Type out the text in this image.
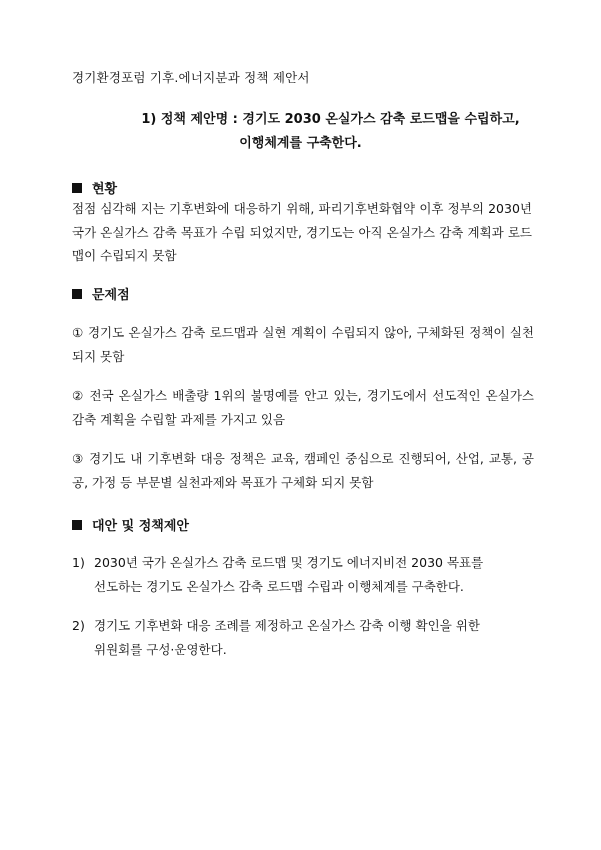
경기환경포럼 기후.에너지분과 정책 제안서
1) 정책 제안명 : 경기도 2030 온실가스 감축 로드맵을 수립하고,
이행체계를 구축한다.
현황
점점 심각해 지는 기후변화에 대응하기 위해, 파리기후변화협약 이후 정부의 2030년 국가 온실가스 감축 목표가 수립 되었지만, 경기도는 아직 온실가스 감축 계획과 로드맵이 수립되지 못함
문제점
① 경기도 온실가스 감축 로드맵과 실현 계획이 수립되지 않아, 구체화된 정책이 실천되지 못함
② 전국 온실가스 배출량 1위의 불명예를 안고 있는, 경기도에서 선도적인 온실가스 감축 계획을 수립할 과제를 가지고 있음
③ 경기도 내 기후변화 대응 정책은 교육, 캠페인 중심으로 진행되어, 산업, 교통, 공공, 가정 등 부문별 실천과제와 목표가 구체화 되지 못함
대안 및 정책제안
1) 2030년 국가 온실가스 감축 로드맵 및 경기도 에너지비전 2030 목표를
선도하는 경기도 온실가스 감축 로드맵 수립과 이행체계를 구축한다.
2) 경기도 기후변화 대응 조례를 제정하고 온실가스 감축 이행 확인을 위한
위원회를 구성·운영한다.
